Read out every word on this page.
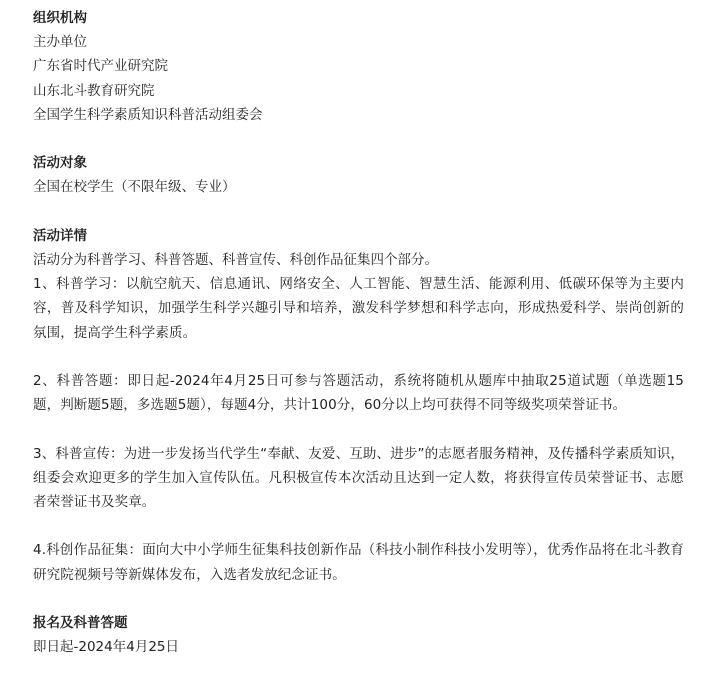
组织机构

主办单位

广东省时代产业研究院

山东北斗教育研究院

全国学生科学素质知识科普活动组委会

活动对象

全国在校学生（不限年级、专业）

活动详情

活动分为科普学习、科普答题、科普宣传、科创作品征集四个部分。

1、科普学习：以航空航天、信息通讯、网络安全、人工智能、智慧生活、能源利用、低碳环保等为主要内容，普及科学知识，加强学生科学兴趣引导和培养，激发科学梦想和科学志向，形成热爱科学、崇尚创新的氛围，提高学生科学素质。

2、科普答题：即日起-2024年4月25日可参与答题活动，系统将随机从题库中抽取25道试题（单选题15题，判断题5题，多选题5题），每题4分，共计100分，60分以上均可获得不同等级奖项荣誉证书。

3、科普宣传：为进一步发扬当代学生“奉献、友爱、互助、进步”的志愿者服务精神，及传播科学素质知识，组委会欢迎更多的学生加入宣传队伍。凡积极宣传本次活动且达到一定人数，将获得宣传员荣誉证书、志愿者荣誉证书及奖章。

4.科创作品征集：面向大中小学师生征集科技创新作品（科技小制作科技小发明等），优秀作品将在北斗教育研究院视频号等新媒体发布，入选者发放纪念证书。

报名及科普答题

即日起-2024年4月25日
